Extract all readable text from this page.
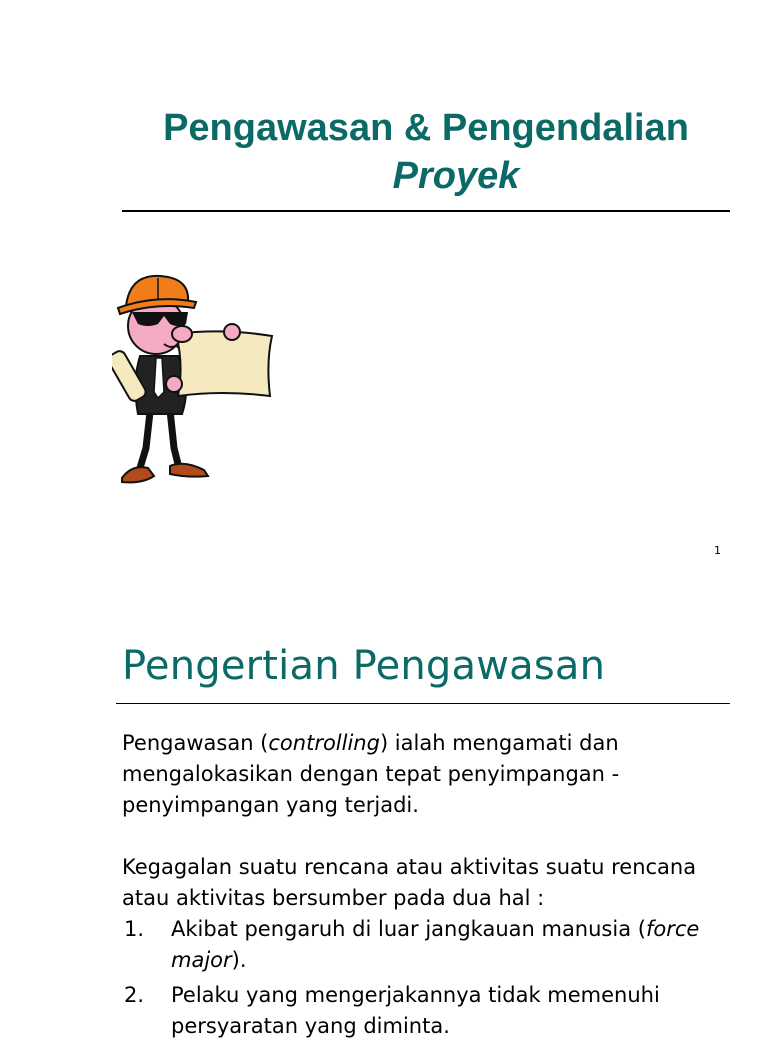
Pengawasan & Pengendalian
Proyek
1
Pengertian Pengawasan

Pengawasan (controlling) ialah mengamati dan mengalokasikan dengan tepat penyimpangan - penyimpangan yang terjadi.

Kegagalan suatu rencana atau aktivitas suatu rencana atau aktivitas bersumber pada dua hal :

1. Akibat pengaruh di luar jangkauan manusia (force major).
2. Pelaku yang mengerjakannya tidak memenuhi persyaratan yang diminta.
